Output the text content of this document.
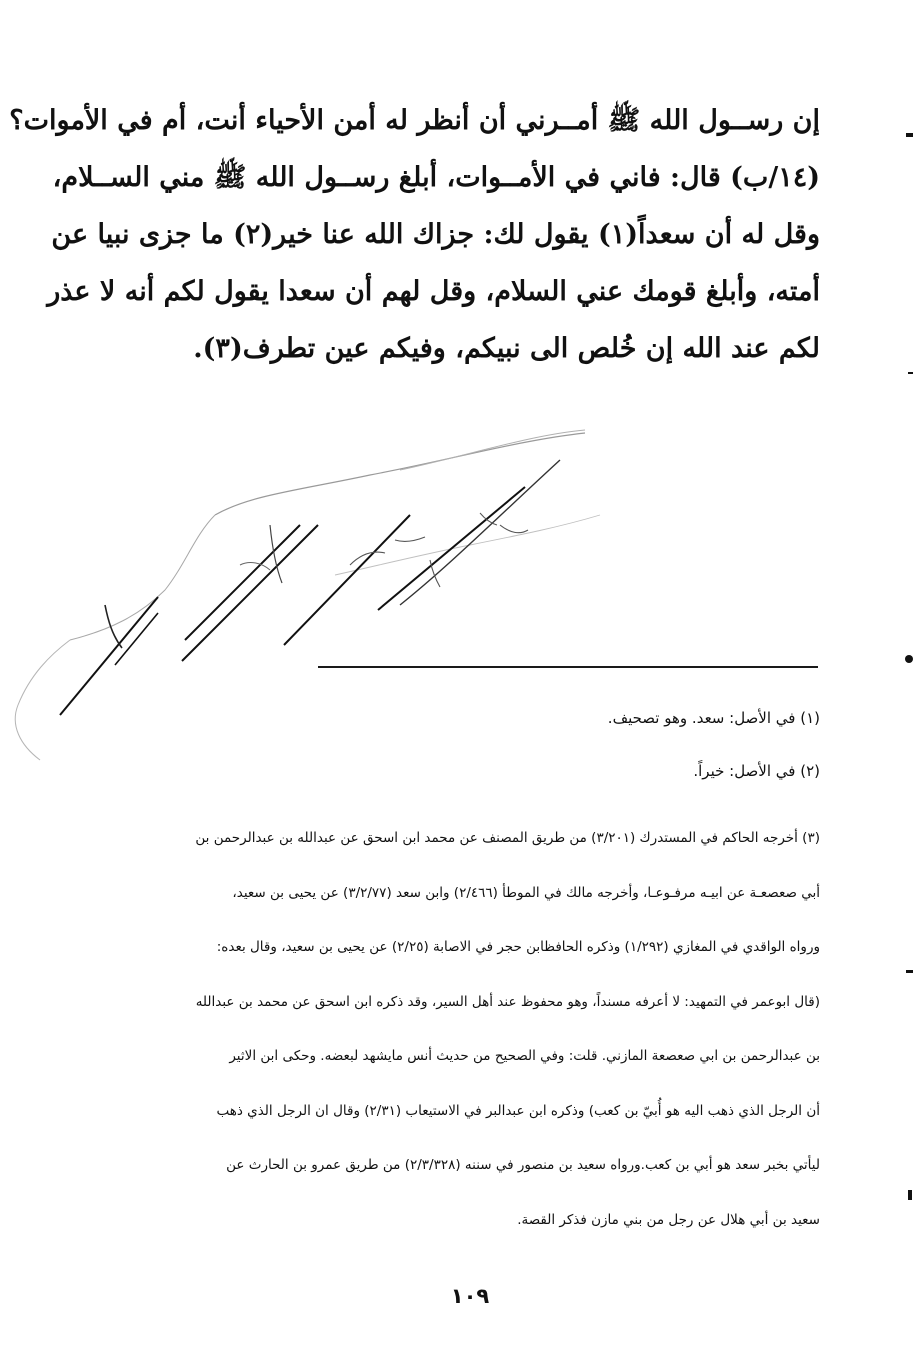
إن رســول الله ﷺ أمــرني أن أنظر له أمن الأحياء أنت، أم في الأموات؟
(١٤/ب) قال: فاني في الأمــوات، أبلغ رســول الله ﷺ مني الســلام،
وقل له أن سعداً(١) يقول لك: جزاك الله عنا خير(٢) ما جزى نبيا عن
أمته، وأبلغ قومك عني السلام، وقل لهم أن سعدا يقول لكم أنه لا عذر
لكم عند الله إن خُلص الى نبيكم، وفيكم عين تطرف(٣).
(١) في الأصل: سعد. وهو تصحيف.
(٢) في الأصل: خيراً.
(٣) أخرجه الحاكم في المستدرك (٣/٢٠١) من طريق المصنف عن محمد ابن اسحق عن عبدالله بن عبدالرحمن بن
أبي صعصعـة عن ابيـه مرفـوعـا، وأخرجه مالك في الموطأ (٢/٤٦٦) وابن سعد (٣/٢/٧٧) عن يحيى بن سعيد،
ورواه الواقدي في المغازي (١/٢٩٢) وذكره الحافظابن حجر في الاصابة (٢/٢٥) عن يحيى بن سعيد، وقال بعده:
(قال ابوعمر في التمهيد: لا أعرفه مسنداً، وهو محفوظ عند أهل السير، وقد ذكره ابن اسحق عن محمد بن عبدالله
بن عبدالرحمن بن ابي صعصعة المازني. قلت: وفي الصحيح من حديث أنس مايشهد لبعضه. وحكى ابن الاثير
أن الرجل الذي ذهب اليه هو أُبيّ بن كعب) وذكره ابن عبدالبر في الاستيعاب (٢/٣١) وقال ان الرجل الذي ذهب
ليأتي بخبر سعد هو أبي بن كعب.ورواه سعيد بن منصور في سننه (٢/٣/٣٢٨) من طريق عمرو بن الحارث عن
سعيد بن أبي هلال عن رجل من بني مازن فذكر القصة.
١٠٩
